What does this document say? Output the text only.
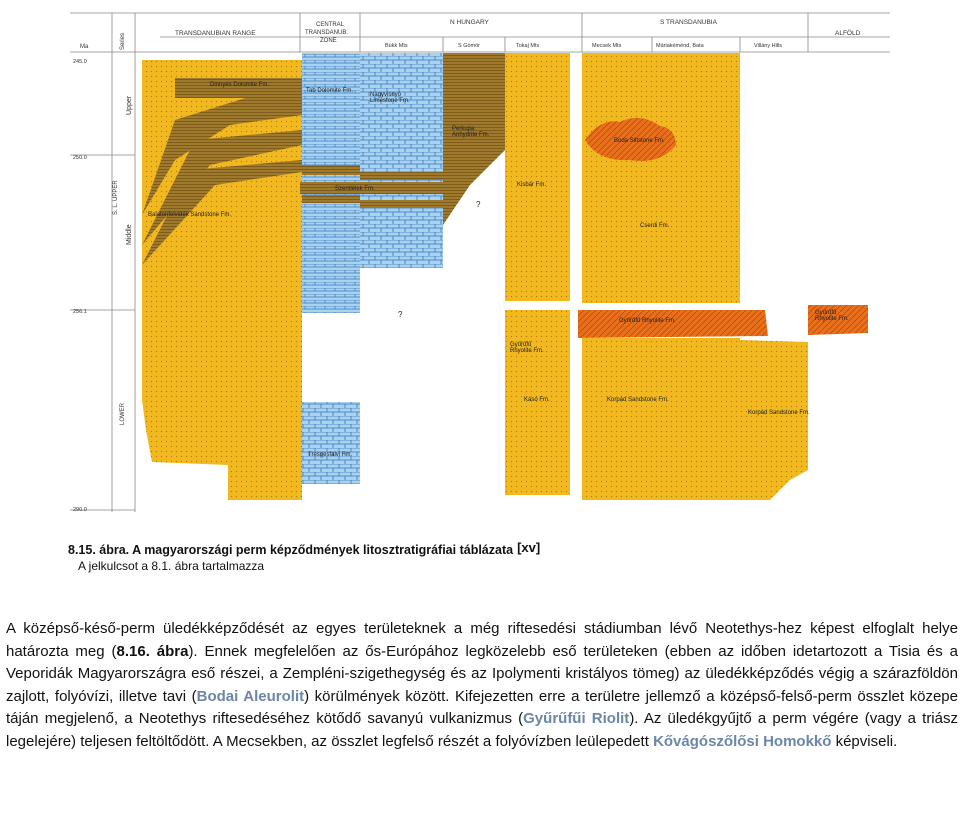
Ma	Series	TRANSDANUBIAN RANGE
CENTRAL
TRANSDANUB.
ZONE
N HUNGARY	S TRANSDANUBIA
ALFÖLD
Bükk Mts	S Gömör	Tokaj Mts	Mecsek Mts	Máriakéménd, Bata	Villány Hills
245.0
250.0
256.1
290.0
Upper
Middle
S. L. UPPER
LOWER
Dinnyés Dolomite Fm.
Tab Dolomite Fm.
Nagyvisnyó Limestone Fm.
Perkupa Anhydrite Fm.
Szentlélek Fm.
Balatonfelvidék Sandstone Fm.
Boda Siltstone Fm.
Kisbár Fm.
Cserdi Fm.
Gyűrűfű Rhyolite Fm.
Gyűrűfű Rhyolite Fm.
Gyűrűfű Rhyolite Fm.
Kásó Fm.	Korpád Sandstone Fm.
Korpád Sandstone Fm.
Tresgesfalvi Fm.
?
?
8.15. ábra. A magyarországi perm képződmények litosztratigráfiai táblázata [xv]
A jelkulcsot a 8.1. ábra tartalmazza
A középső-késő-perm üledékképződését az egyes területeknek a még riftesedési stádiumban lévő Neotethys-hez képest elfoglalt helye határozta meg (8.16. ábra). Ennek megfelelően az ős-Európához legközelebb eső területeken (ebben az időben idetartozott a Tisia és a Veporidák Magyarországra eső részei, a Zempléni-szigethegység és az Ipolymenti kristályos tömeg) az üledékképződés végig a szárazföldön zajlott, folyóvízi, illetve tavi (Bodai Aleurolit) körülmények között. Kifejezetten erre a területre jellemző a középső-felső-perm összlet közepe táján megjelenő, a Neotethys riftesedéséhez kötődő savanyú vulkanizmus (Gyűrűfűi Riolit). Az üledékgyűjtő a perm végére (vagy a triász legelejére) teljesen feltöltődött. A Mecsekben, az összlet legfelső részét a folyóvízben leülepedett Kővágószőlősi Homokkő képviseli.
